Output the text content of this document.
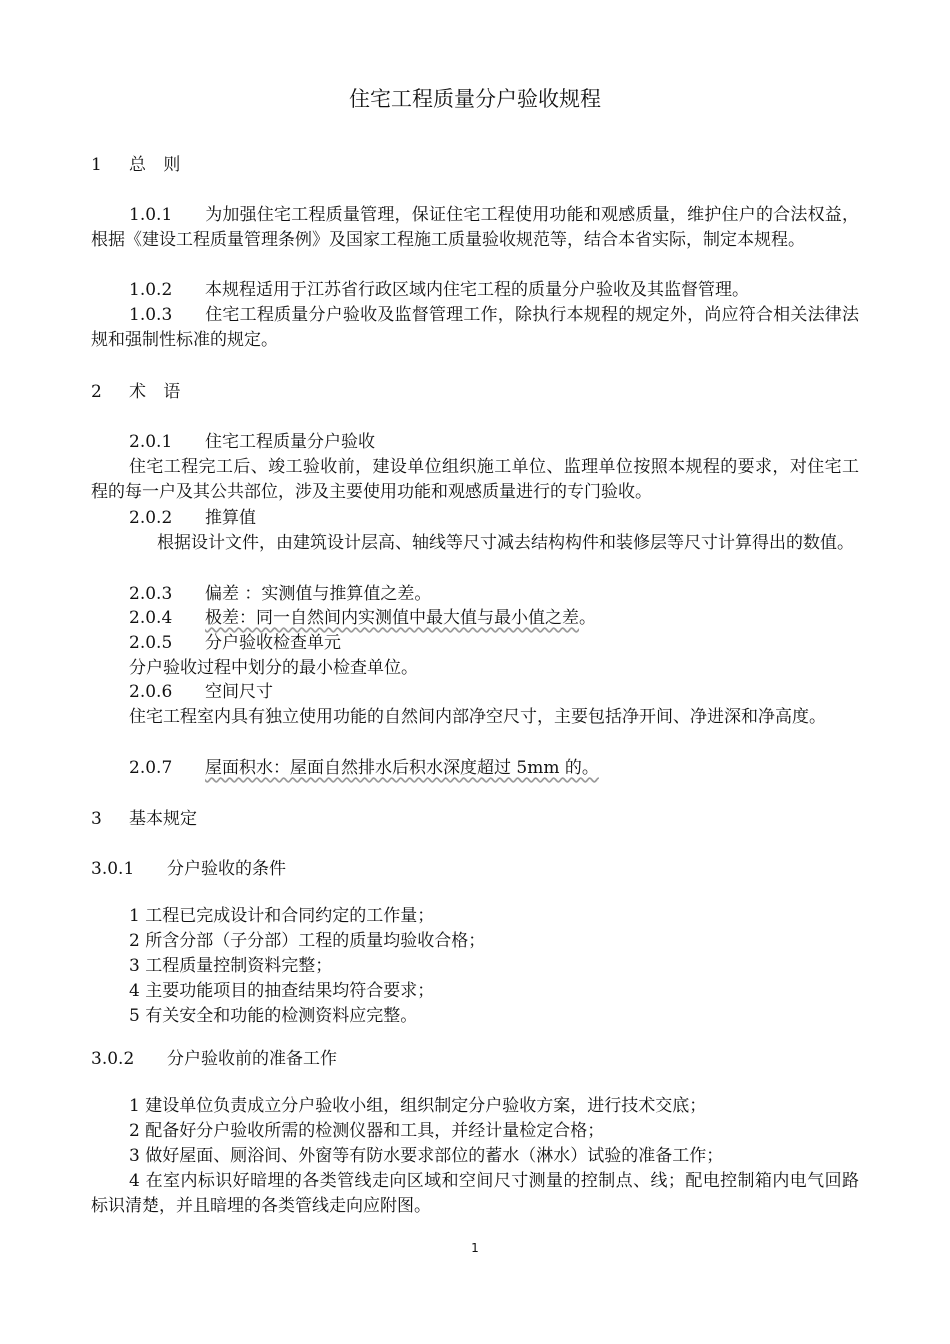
住宅工程质量分户验收规程
1 总 则
1.0.1 为加强住宅工程质量管理，保证住宅工程使用功能和观感质量，维护住户的合法权益，根据《建设工程质量管理条例》及国家工程施工质量验收规范等，结合本省实际，制定本规程。
1.0.2 本规程适用于江苏省行政区域内住宅工程的质量分户验收及其监督管理。
1.0.3 住宅工程质量分户验收及监督管理工作，除执行本规程的规定外，尚应符合相关法律法规和强制性标准的规定。
2 术 语
2.0.1 住宅工程质量分户验收
住宅工程完工后、竣工验收前，建设单位组织施工单位、监理单位按照本规程的要求，对住宅工程的每一户及其公共部位，涉及主要使用功能和观感质量进行的专门验收。
2.0.2 推算值
根据设计文件，由建筑设计层高、轴线等尺寸减去结构构件和装修层等尺寸计算得出的数值。
2.0.3 偏差 ：实测值与推算值之差。
2.0.4 极差：同一自然间内实测值中最大值与最小值之差。
2.0.5 分户验收检查单元
分户验收过程中划分的最小检查单位。
2.0.6 空间尺寸
住宅工程室内具有独立使用功能的自然间内部净空尺寸，主要包括净开间、净进深和净高度。
2.0.7 屋面积水：屋面自然排水后积水深度超过 5mm 的。
3 基本规定
3.0.1 分户验收的条件
1 工程已完成设计和合同约定的工作量；
2 所含分部（子分部）工程的质量均验收合格；
3 工程质量控制资料完整；
4 主要功能项目的抽查结果均符合要求；
5 有关安全和功能的检测资料应完整。
3.0.2 分户验收前的准备工作
1 建设单位负责成立分户验收小组，组织制定分户验收方案，进行技术交底；
2 配备好分户验收所需的检测仪器和工具，并经计量检定合格；
3 做好屋面、厕浴间、外窗等有防水要求部位的蓄水（淋水）试验的准备工作；
4 在室内标识好暗埋的各类管线走向区域和空间尺寸测量的控制点、线；配电控制箱内电气回路标识清楚，并且暗埋的各类管线走向应附图。
1
